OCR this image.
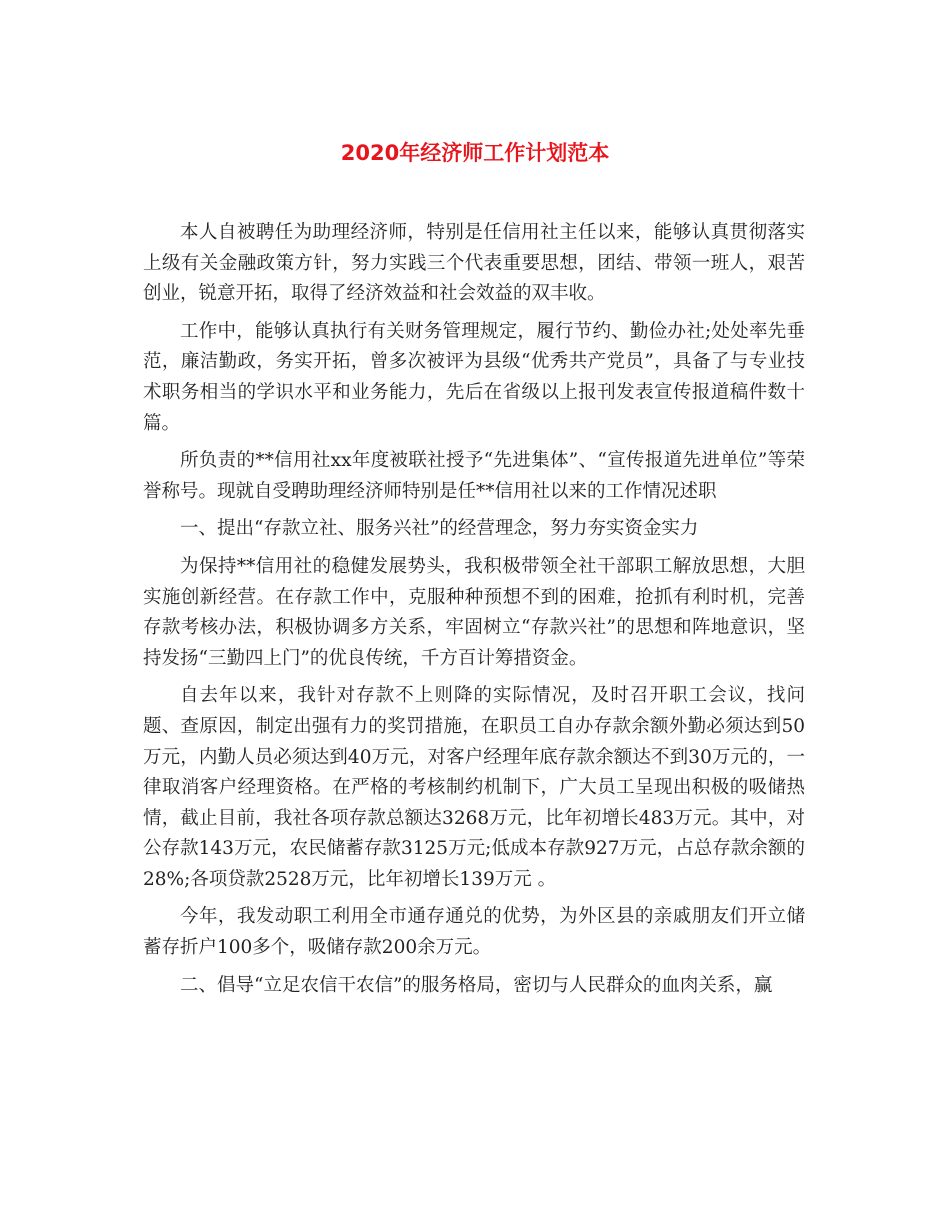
2020年经济师工作计划范本

本人自被聘任为助理经济师，特别是任信用社主任以来，能够认真贯彻落实上级有关金融政策方针，努力实践三个代表重要思想，团结、带领一班人，艰苦创业，锐意开拓，取得了经济效益和社会效益的双丰收。

工作中，能够认真执行有关财务管理规定，履行节约、勤俭办社;处处率先垂范，廉洁勤政，务实开拓，曾多次被评为县级“优秀共产党员”，具备了与专业技术职务相当的学识水平和业务能力，先后在省级以上报刊发表宣传报道稿件数十篇。

所负责的**信用社xx年度被联社授予“先进集体”、“宣传报道先进单位”等荣誉称号。现就自受聘助理经济师特别是任**信用社以来的工作情况述职

一、提出“存款立社、服务兴社”的经营理念，努力夯实资金实力

为保持**信用社的稳健发展势头，我积极带领全社干部职工解放思想，大胆实施创新经营。在存款工作中，克服种种预想不到的困难，抢抓有利时机，完善存款考核办法，积极协调多方关系，牢固树立“存款兴社”的思想和阵地意识，坚持发扬“三勤四上门”的优良传统，千方百计筹措资金。

自去年以来，我针对存款不上则降的实际情况，及时召开职工会议，找问题、查原因，制定出强有力的奖罚措施，在职员工自办存款余额外勤必须达到50万元，内勤人员必须达到40万元，对客户经理年底存款余额达不到30万元的，一律取消客户经理资格。在严格的考核制约机制下，广大员工呈现出积极的吸储热情，截止目前，我社各项存款总额达3268万元，比年初增长483万元。其中，对公存款143万元，农民储蓄存款3125万元;低成本存款927万元，占总存款余额的28%;各项贷款2528万元，比年初增长139万元 。

今年，我发动职工利用全市通存通兑的优势，为外区县的亲戚朋友们开立储蓄存折户100多个，吸储存款200余万元。

二、倡导“立足农信干农信”的服务格局，密切与人民群众的血肉关系，赢
